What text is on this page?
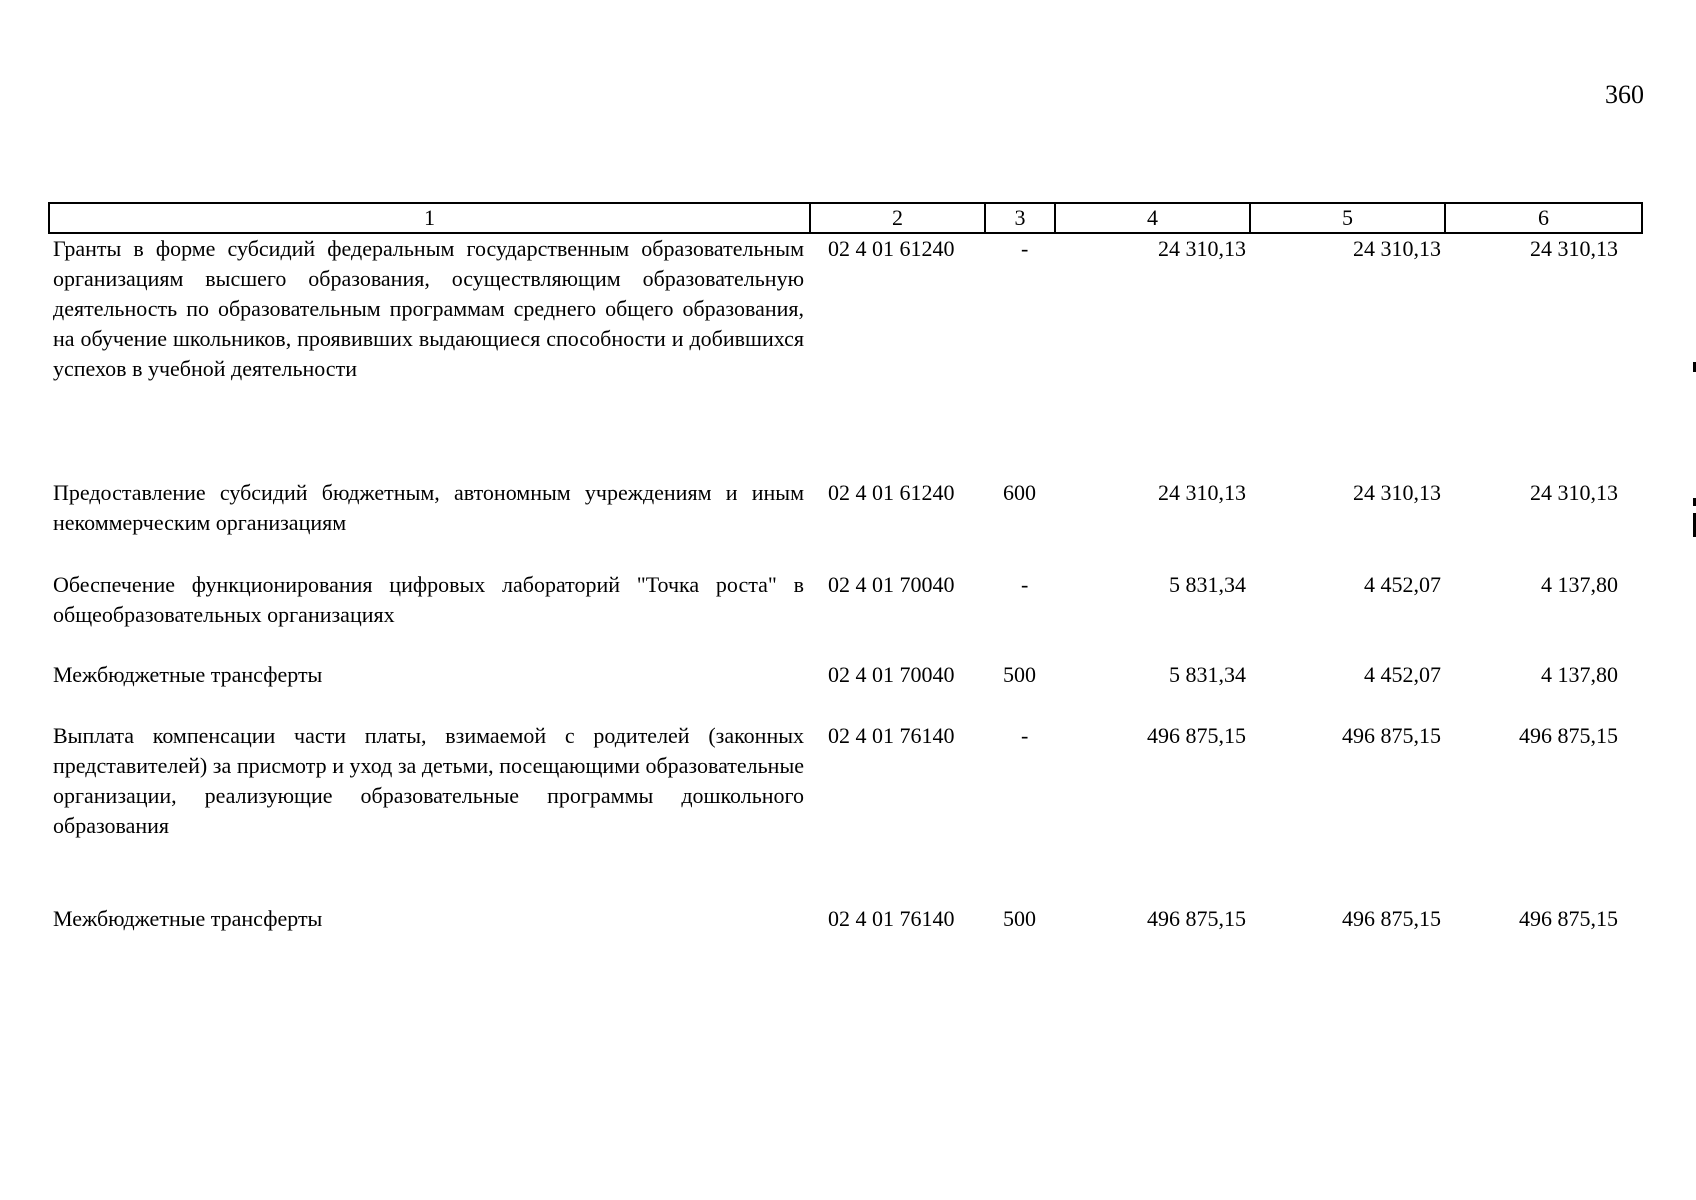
360
1	2	3	4	5	6
Гранты в форме субсидий федеральным государственным образовательным организациям высшего образования, осуществляющим образовательную деятельность по образовательным программам среднего общего образования, на обучение школьников, проявивших выдающиеся способности и добившихся успехов в учебной деятельности	02 4 01 61240	-	24 310,13	24 310,13	24 310,13
Предоставление субсидий бюджетным, автономным учреждениям и иным некоммерческим организациям	02 4 01 61240	600	24 310,13	24 310,13	24 310,13
Обеспечение функционирования цифровых лабораторий "Точка роста" в общеобразовательных организациях	02 4 01 70040	-	5 831,34	4 452,07	4 137,80
Межбюджетные трансферты	02 4 01 70040	500	5 831,34	4 452,07	4 137,80
Выплата компенсации части платы, взимаемой с родителей (законных представителей) за присмотр и уход за детьми, посещающими образовательные организации, реализующие образовательные программы дошкольного образования	02 4 01 76140	-	496 875,15	496 875,15	496 875,15
Межбюджетные трансферты	02 4 01 76140	500	496 875,15	496 875,15	496 875,15
